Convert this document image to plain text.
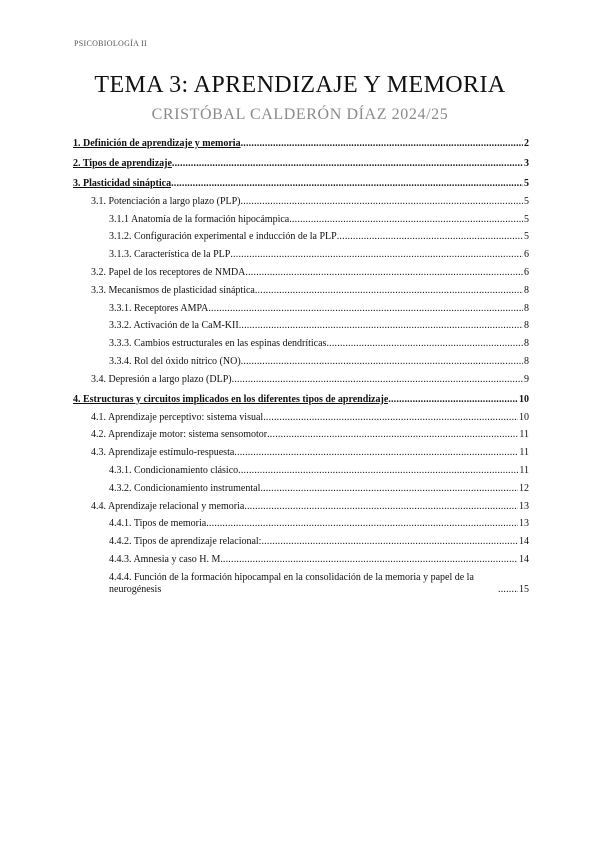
PSICOBIOLOGÍA II
TEMA 3: APRENDIZAJE Y MEMORIA
CRISTÓBAL CALDERÓN DÍAZ 2024/25
1. Definición de aprendizaje y memoria .....	2
2. Tipos de aprendizaje .....	3
3. Plasticidad sináptica .....	5
3.1. Potenciación a largo plazo (PLP) .....	5
3.1.1 Anatomía de la formación hipocámpica .....	5
3.1.2. Configuración experimental e inducción de la PLP .....	5
3.1.3. Característica de la PLP .....	6
3.2. Papel de los receptores de NMDA .....	6
3.3. Mecanismos de plasticidad sináptica .....	8
3.3.1. Receptores AMPA .....	8
3.3.2. Activación de la CaM-KII .....	8
3.3.3. Cambios estructurales en las espinas dendríticas .....	8
3.3.4. Rol del óxido nítrico (NO) .....	8
3.4. Depresión a largo plazo (DLP) .....	9
4. Estructuras y circuitos implicados en los diferentes tipos de aprendizaje .....	10
4.1. Aprendizaje perceptivo: sistema visual .....	10
4.2. Aprendizaje motor: sistema sensomotor .....	11
4.3. Aprendizaje estímulo-respuesta .....	11
4.3.1. Condicionamiento clásico .....	11
4.3.2. Condicionamiento instrumental .....	12
4.4. Aprendizaje relacional y memoria .....	13
4.4.1. Tipos de memoria .....	13
4.4.2. Tipos de aprendizaje relacional: .....	14
4.4.3. Amnesia y caso H. M. .....	14
4.4.4. Función de la formación hipocampal en la consolidación de la memoria y papel de la neurogénesis .....	15
